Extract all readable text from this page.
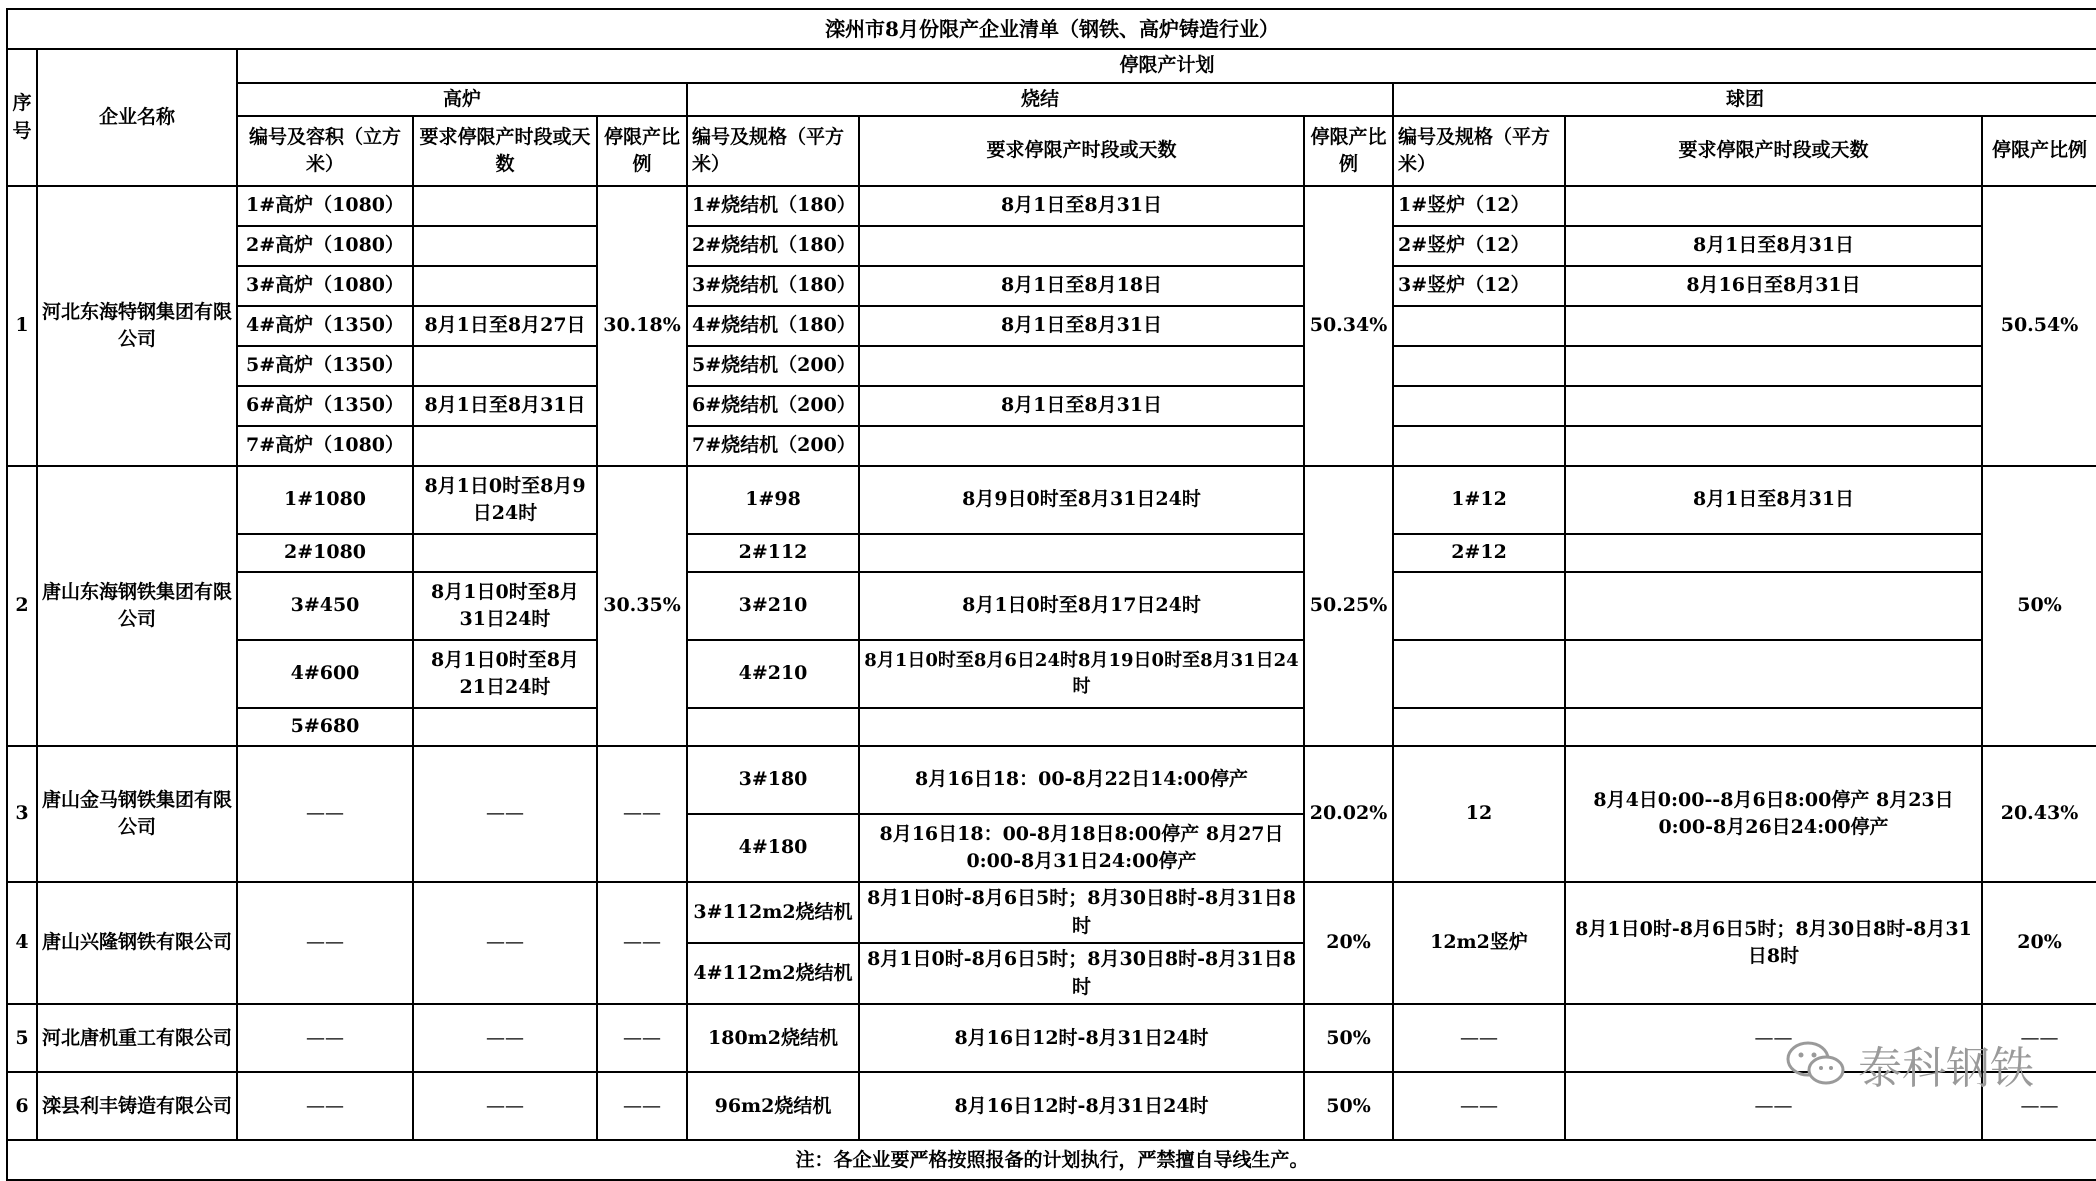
滦州市8月份限产企业清单（钢铁、高炉铸造行业）										
序号	企业名称	停限产计划								
		高炉			烧结			球团		
		编号及容积（立方米）	要求停限产时段或天数	停限产比例	编号及规格（平方米）	要求停限产时段或天数	停限产比例	编号及规格（平方米）	要求停限产时段或天数	停限产比例
1	河北东海特钢集团有限公司	1#高炉（1080）		30.18%	1#烧结机（180）	8月1日至8月31日	50.34%	1#竖炉（12）		50.54%
		2#高炉（1080）			2#烧结机（180）			2#竖炉（12）	8月1日至8月31日	
		3#高炉（1080）			3#烧结机（180）	8月1日至8月18日		3#竖炉（12）	8月16日至8月31日	
		4#高炉（1350）	8月1日至8月27日		4#烧结机（180）	8月1日至8月31日				
		5#高炉（1350）			5#烧结机（200）					
		6#高炉（1350）	8月1日至8月31日		6#烧结机（200）	8月1日至8月31日				
		7#高炉（1080）			7#烧结机（200）					
2	唐山东海钢铁集团有限公司	1#1080	8月1日0时至8月9日24时	30.35%	1#98	8月9日0时至8月31日24时	50.25%	1#12	8月1日至8月31日	50%
		2#1080			2#112			2#12		
		3#450	8月1日0时至8月31日24时		3#210	8月1日0时至8月17日24时				
		4#600	8月1日0时至8月21日24时		4#210	8月1日0时至8月6日24时8月19日0时至8月31日24时				
		5#680								
3	唐山金马钢铁集团有限公司	——	——	——	3#180	8月16日18：00-8月22日14:00停产	20.02%	12	8月4日0:00--8月6日8:00停产 8月23日0:00-8月26日24:00停产	20.43%
					4#180	8月16日18：00-8月18日8:00停产 8月27日0:00-8月31日24:00停产				
4	唐山兴隆钢铁有限公司	——	——	——	3#112m2烧结机	8月1日0时-8月6日5时；8月30日8时-8月31日8时	20%	12m2竖炉	8月1日0时-8月6日5时；8月30日8时-8月31日8时	20%
					4#112m2烧结机	8月1日0时-8月6日5时；8月30日8时-8月31日8时				
5	河北唐机重工有限公司	——	——	——	180m2烧结机	8月16日12时-8月31日24时	50%	——	——	——
6	滦县利丰铸造有限公司	——	——	——	96m2烧结机	8月16日12时-8月31日24时	50%	——	——	——
注：各企业要严格按照报备的计划执行，严禁擅自导线生产。										
泰科钢铁
